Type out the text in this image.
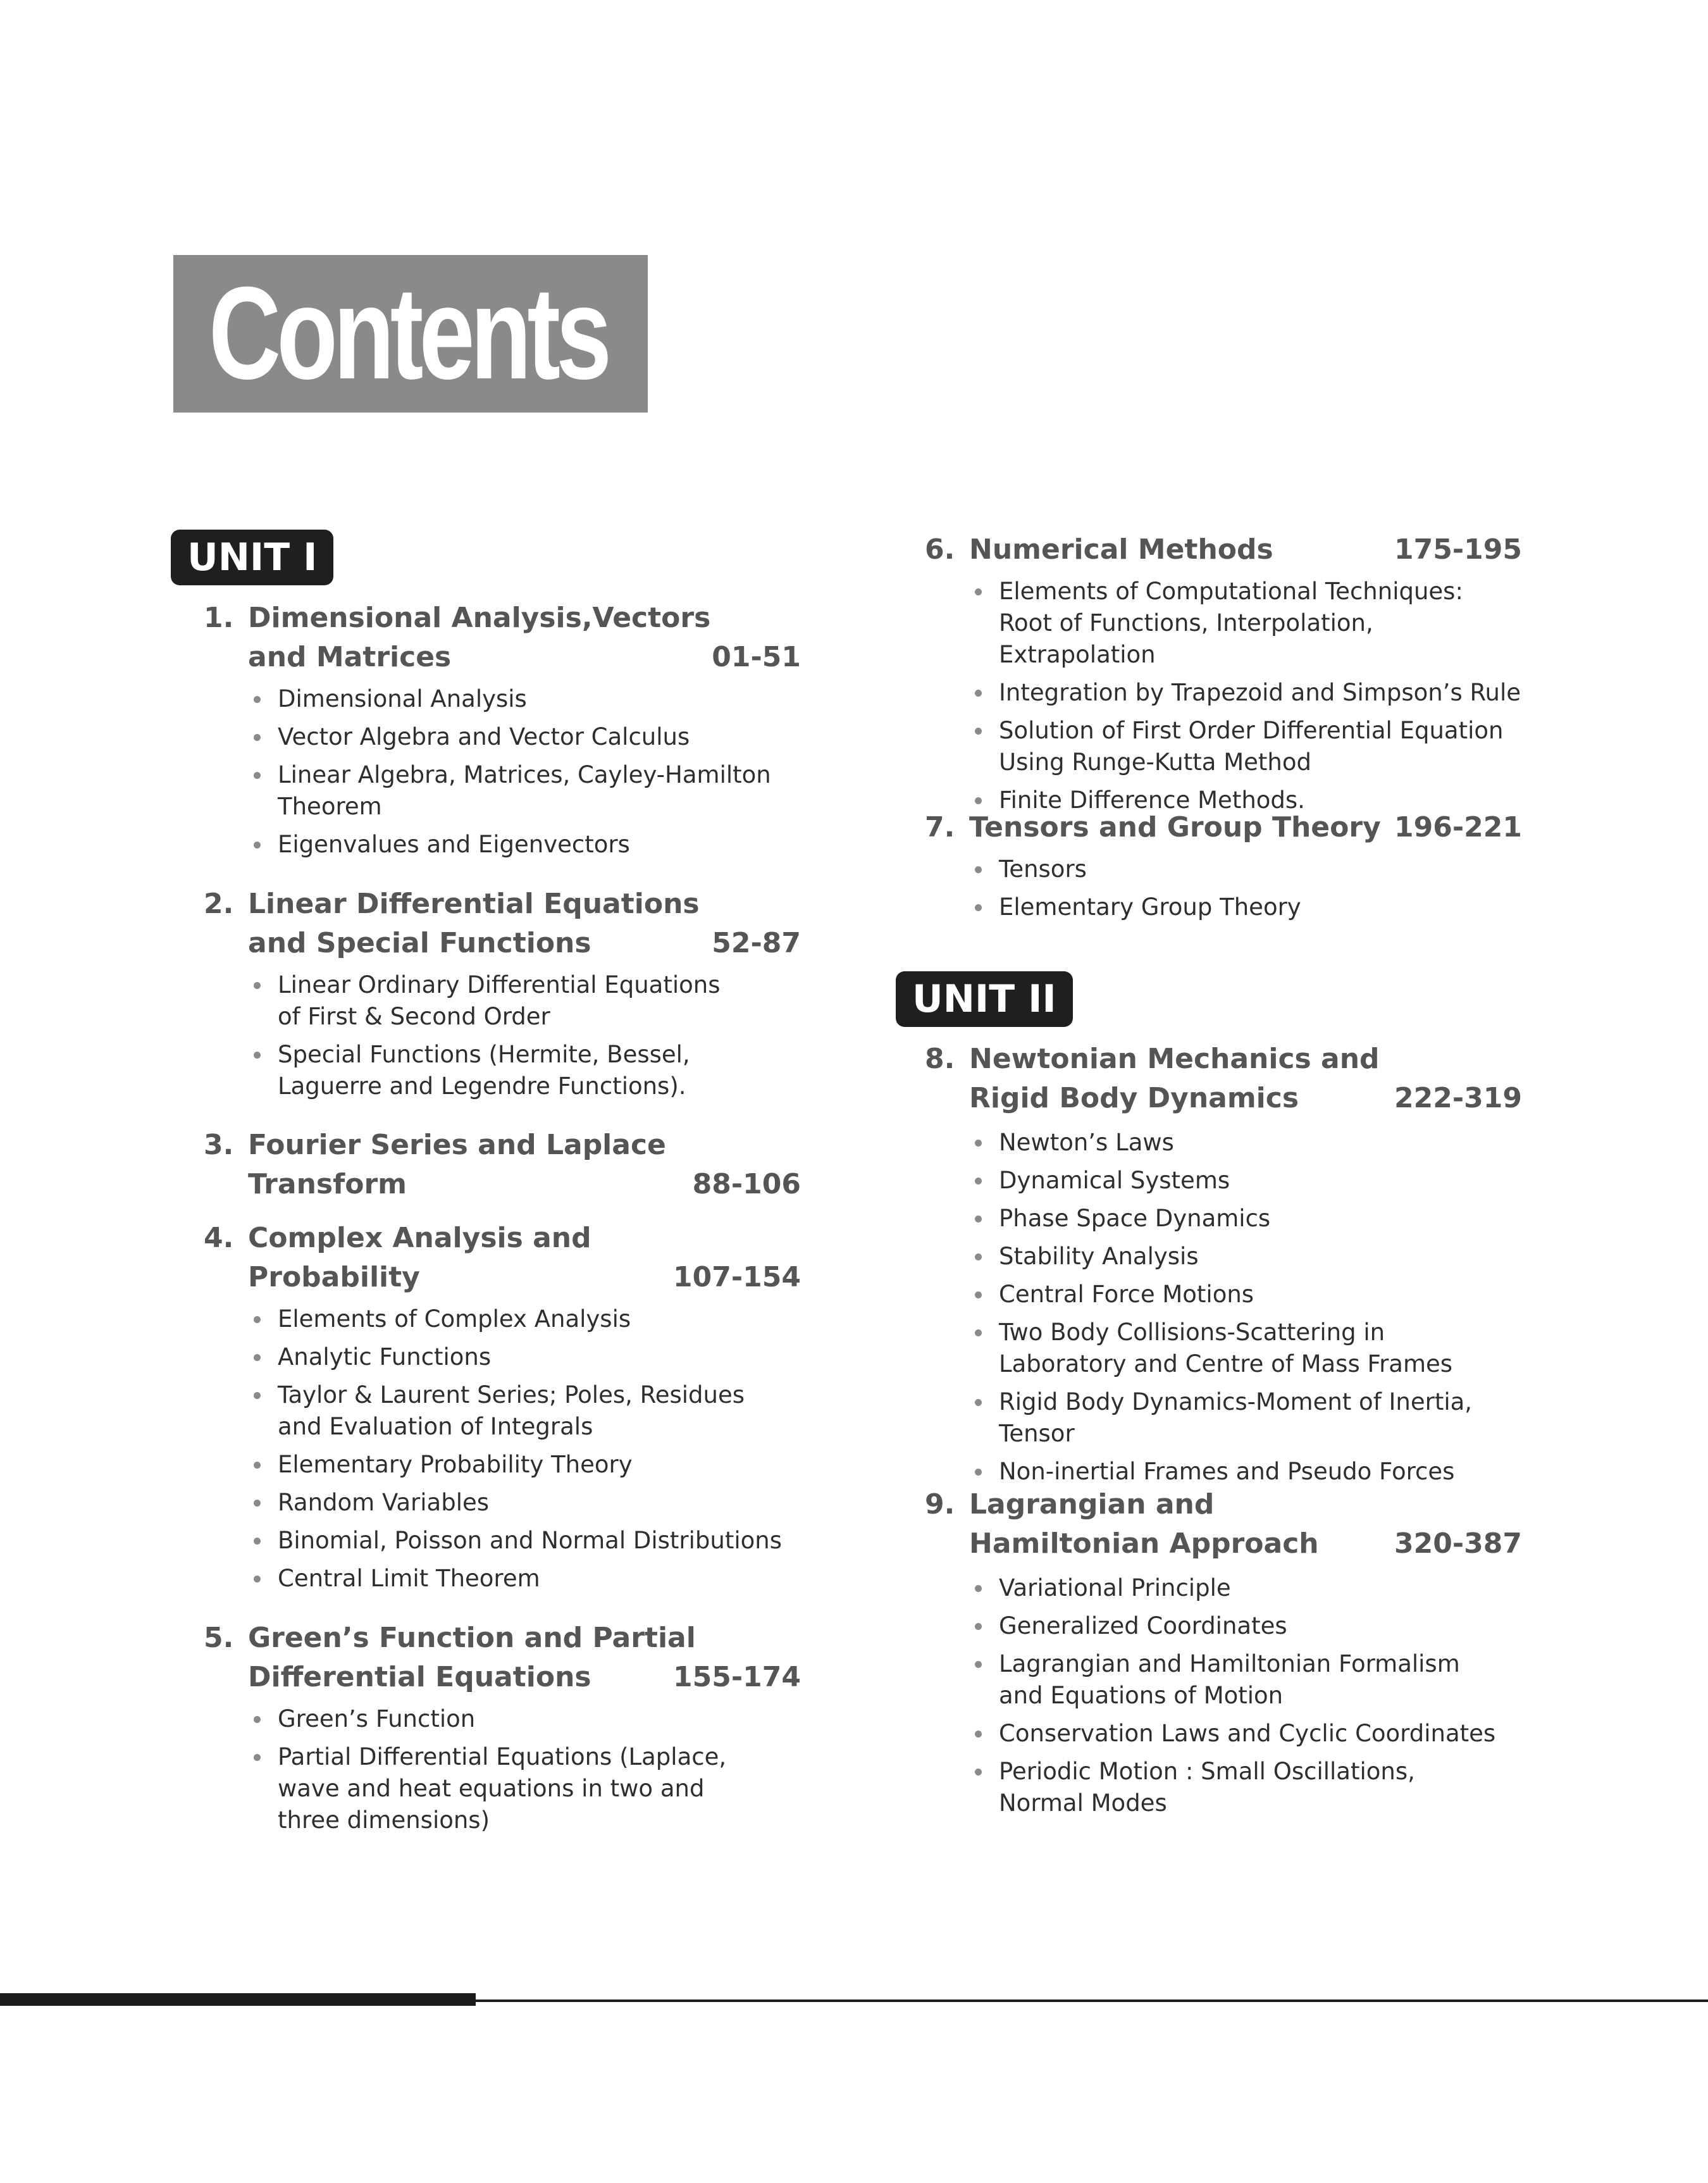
Contents
UNIT I
UNIT II
1. Dimensional Analysis,Vectors
and Matrices	01-51
Dimensional Analysis
Vector Algebra and Vector Calculus
Linear Algebra, Matrices, Cayley-Hamilton
Theorem
Eigenvalues and Eigenvectors
2. Linear Differential Equations
and Special Functions	52-87
Linear Ordinary Differential Equations
of First & Second Order
Special Functions (Hermite, Bessel,
Laguerre and Legendre Functions).
3. Fourier Series and Laplace
Transform	88-106
4. Complex Analysis and
Probability	107-154
Elements of Complex Analysis
Analytic Functions
Taylor & Laurent Series; Poles, Residues
and Evaluation of Integrals
Elementary Probability Theory
Random Variables
Binomial, Poisson and Normal Distributions
Central Limit Theorem
5. Green’s Function and Partial
Differential Equations	155-174
Green’s Function
Partial Differential Equations (Laplace,
wave and heat equations in two and
three dimensions)
6. Numerical Methods	175-195
Elements of Computational Techniques:
Root of Functions, Interpolation, Extrapolation
Integration by Trapezoid and Simpson’s Rule
Solution of First Order Differential Equation
Using Runge-Kutta Method
Finite Difference Methods.
7. Tensors and Group Theory 196-221
Tensors
Elementary Group Theory
8. Newtonian Mechanics and
Rigid Body Dynamics	222-319
Newton’s Laws
Dynamical Systems
Phase Space Dynamics
Stability Analysis
Central Force Motions
Two Body Collisions-Scattering in
Laboratory and Centre of Mass Frames
Rigid Body Dynamics-Moment of Inertia, Tensor
Non-inertial Frames and Pseudo Forces
9. Lagrangian and
Hamiltonian Approach	320-387
Variational Principle
Generalized Coordinates
Lagrangian and Hamiltonian Formalism
and Equations of Motion
Conservation Laws and Cyclic Coordinates
Periodic Motion : Small Oscillations,
Normal Modes
